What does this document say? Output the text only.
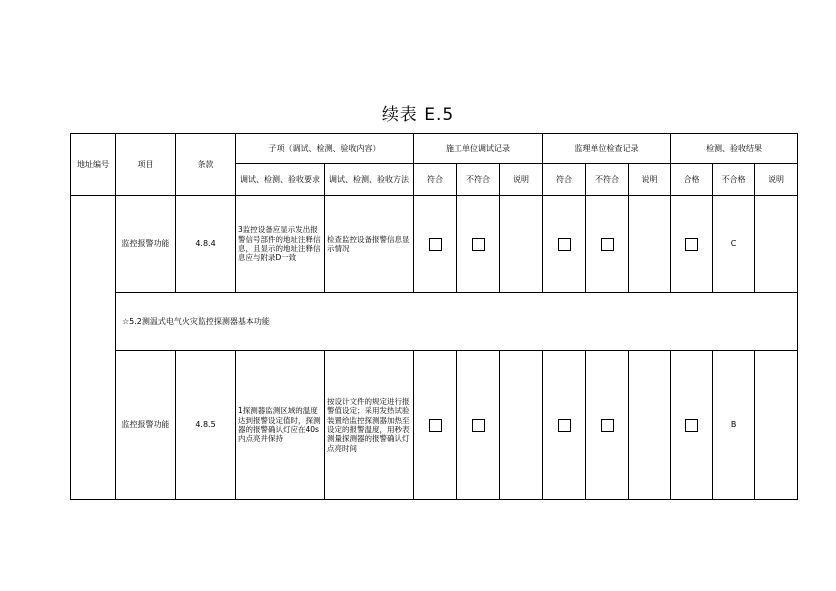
续表 E.5
地址编号	项目	条款	子项（调试、检测、验收内容）		施工单位调试记录			监理单位检查记录			检测、验收结果		
			调试、检测、验收要求	调试、检测、验收方法	符合	不符合	说明	符合	不符合	说明	合格	不合格	说明
	监控报警功能	4.8.4	3监控设备应显示发出报警信号部件的地址注释信息，且显示的地址注释信息应与附录D一致	检查监控设备报警信息显示情况								C	
	☆5.2测温式电气火灾监控探测器基本功能												
	监控报警功能	4.8.5	1探测器监测区域的温度达到报警设定值时，探测器的报警确认灯应在40s内点亮并保持	按设计文件的规定进行报警值设定；采用发热试验装置给监控探测器加热至设定的报警温度，用秒表测量探测器的报警确认灯点亮时间								B	
